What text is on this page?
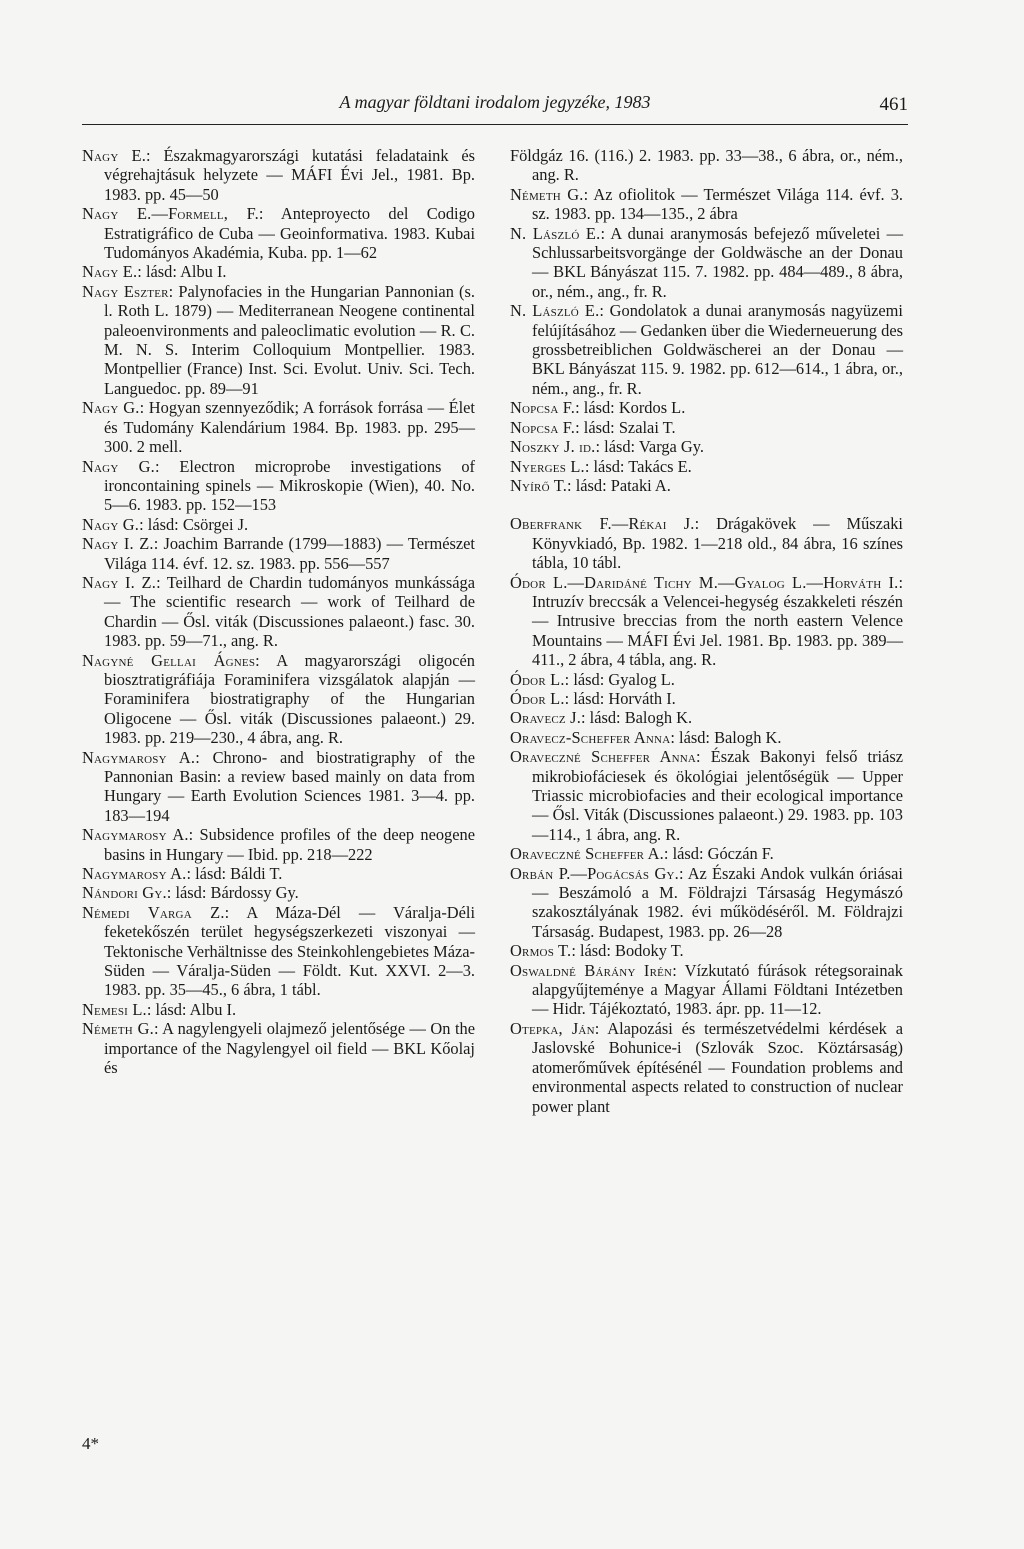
A magyar földtani irodalom jegyzéke, 1983	461
Nagy E.: Északmagyarországi kutatási feladataink és végrehajtásuk helyzete — MÁFI Évi Jel., 1981. Bp. 1983. pp. 45—50
Nagy E.—Formell, F.: Anteproyecto del Codigo Estratigráfico de Cuba — Geoinformativa. 1983. Kubai Tudományos Akadémia, Kuba. pp. 1—62
Nagy E.: lásd: Albu I.
Nagy Eszter: Palynofacies in the Hungarian Pannonian (s. l. Roth L. 1879) — Mediterranean Neogene continental paleoenvironments and paleoclimatic evolution — R. C. M. N. S. Interim Colloquium Montpellier. 1983. Montpellier (France) Inst. Sci. Evolut. Univ. Sci. Tech. Languedoc. pp. 89—91
Nagy G.: Hogyan szennyeződik; A források forrása — Élet és Tudomány Kalendárium 1984. Bp. 1983. pp. 295—300. 2 mell.
Nagy G.: Electron microprobe investigations of ironcontaining spinels — Mikroskopie (Wien), 40. No. 5—6. 1983. pp. 152—153
Nagy G.: lásd: Csörgei J.
Nagy I. Z.: Joachim Barrande (1799—1883) — Természet Világa 114. évf. 12. sz. 1983. pp. 556—557
Nagy I. Z.: Teilhard de Chardin tudományos munkássága — The scientific research — work of Teilhard de Chardin — Ősl. viták (Discussiones palaeont.) fasc. 30. 1983. pp. 59—71., ang. R.
Nagyné Gellai Ágnes: A magyarországi oligocén biosztratigráfiája Foraminifera vizsgálatok alapján — Foraminifera biostratigraphy of the Hungarian Oligocene — Ősl. viták (Discussiones palaeont.) 29. 1983. pp. 219—230., 4 ábra, ang. R.
Nagymarosy A.: Chrono- and biostratigraphy of the Pannonian Basin: a review based mainly on data from Hungary — Earth Evolution Sciences 1981. 3—4. pp. 183—194
Nagymarosy A.: Subsidence profiles of the deep neogene basins in Hungary — Ibid. pp. 218—222
Nagymarosy A.: lásd: Báldi T.
Nándori Gy.: lásd: Bárdossy Gy.
Némedi Varga Z.: A Máza-Dél — Váralja-Déli feketekőszén terület hegységszerkezeti viszonyai — Tektonische Verhältnisse des Steinkohlengebietes Máza-Süden — Váralja-Süden — Földt. Kut. XXVI. 2—3. 1983. pp. 35—45., 6 ábra, 1 tábl.
Nemesi L.: lásd: Albu I.
Németh G.: A nagylengyeli olajmező jelentősége — On the importance of the Nagylengyel oil field — BKL Kőolaj és
Földgáz 16. (116.) 2. 1983. pp. 33—38., 6 ábra, or., ném., ang. R.
Németh G.: Az ofiolitok — Természet Világa 114. évf. 3. sz. 1983. pp. 134—135., 2 ábra
N. László E.: A dunai aranymosás befejező műveletei — Schlussarbeitsvorgänge der Goldwäsche an der Donau — BKL Bányászat 115. 7. 1982. pp. 484—489., 8 ábra, or., ném., ang., fr. R.
N. László E.: Gondolatok a dunai aranymosás nagyüzemi felújításához — Gedanken über die Wiederneuerung des grossbetreiblichen Goldwäscherei an der Donau — BKL Bányászat 115. 9. 1982. pp. 612—614., 1 ábra, or., ném., ang., fr. R.
Nopcsa F.: lásd: Kordos L.
Nopcsa F.: lásd: Szalai T.
Noszky J. id.: lásd: Varga Gy.
Nyerges L.: lásd: Takács E.
Nyírő T.: lásd: Pataki A.
Oberfrank F.—Rékai J.: Drágakövek — Műszaki Könyvkiadó, Bp. 1982. 1—218 old., 84 ábra, 16 színes tábla, 10 tábl.
Ódor L.—Daridáné Tichy M.—Gyalog L.—Horváth I.: Intruzív breccsák a Velencei-hegység északkeleti részén — Intrusive breccias from the north eastern Velence Mountains — MÁFI Évi Jel. 1981. Bp. 1983. pp. 389—411., 2 ábra, 4 tábla, ang. R.
Ódor L.: lásd: Gyalog L.
Ódor L.: lásd: Horváth I.
Oravecz J.: lásd: Balogh K.
Oravecz-Scheffer Anna: lásd: Balogh K.
Oraveczné Scheffer Anna: Észak Bakonyi felső triász mikrobiofáciesek és ökológiai jelentőségük — Upper Triassic microbiofacies and their ecological importance — Ősl. Viták (Discussiones palaeont.) 29. 1983. pp. 103—114., 1 ábra, ang. R.
Oraveczné Scheffer A.: lásd: Góczán F.
Orbán P.—Pogácsás Gy.: Az Északi Andok vulkán óriásai — Beszámoló a M. Földrajzi Társaság Hegymászó szakosztályának 1982. évi működéséről. M. Földrajzi Társaság. Budapest, 1983. pp. 26—28
Ormos T.: lásd: Bodoky T.
Oswaldné Bárány Irén: Vízkutató fúrások rétegsorainak alapgyűjteménye a Magyar Állami Földtani Intézetben — Hidr. Tájékoztató, 1983. ápr. pp. 11—12.
Otepka, Ján: Alapozási és természetvédelmi kérdések a Jaslovské Bohunice-i (Szlovák Szoc. Köztársaság) atomerőművek építésénél — Foundation problems and environmental aspects related to construction of nuclear power plant
4*
